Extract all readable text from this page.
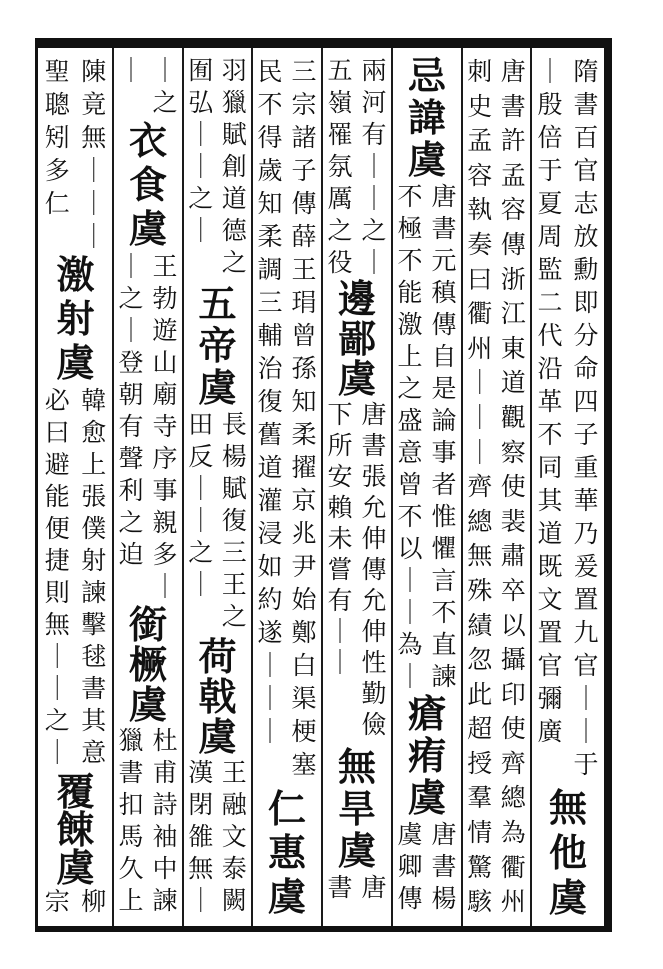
隋
書
百
官
志
放
勳
即
分
命
四
子
重
華
乃
爰
置
九
官
｜
｜
于
｜
殷
倍
于
夏
周
監
二
代
沿
革
不
同
其
道
既
文
置
官
彌
廣
無
他
虞
唐
書
許
孟
容
傳
浙
江
東
道
觀
察
使
裴
肅
卒
以
攝
印
使
齊
總
為
衢
州
刺
史
孟
容
執
奏
曰
衢
州
｜
｜
｜
齊
總
無
殊
績
忽
此
超
授
羣
情
驚
駭
忌
諱
虞
唐
書
元
稹
傳
自
是
論
事
者
惟
懼
言
不
直
諫
不
極
不
能
激
上
之
盛
意
曾
不
以
｜
｜
為
｜
瘡
痏
虞
唐
書
楊
虞
卿
傳
兩
河
有
｜
｜
之
｜
五
嶺
罹
氛
厲
之
役
邊
鄙
虞
唐
書
張
允
伸
傳
允
伸
性
勤
儉
下
所
安
賴
未
嘗
有
｜
｜
無
旱
虞
唐
書
三
宗
諸
子
傳
薛
王
琄
曾
孫
知
柔
擢
京
兆
尹
始
鄭
白
渠
梗
塞
民
不
得
歲
知
柔
調
三
輔
治
復
舊
道
灌
浸
如
約
遂
｜
｜
｜
仁
惠
虞
羽
獵
賦
創
道
德
之
囿
弘
｜
｜
之
｜
五
帝
虞
長
楊
賦
復
三
王
之
田
反
｜
｜
之
｜
荷
戟
虞
王
融
文
泰
闕
漢
閉
雒
無
｜
｜
之
｜
衣
食
虞
王
勃
遊
山
廟
寺
序
事
親
多
｜
｜
之
｜
登
朝
有
聲
利
之
迫
銜
橛
虞
杜
甫
詩
袖
中
諫
獵
書
扣
馬
久
上
陳
竟
無
｜
｜
｜
聖
聰
矧
多
仁
激
射
虞
韓
愈
上
張
僕
射
諫
擊
毬
書
其
意
必
曰
避
能
便
捷
則
無
｜
｜
之
｜
覆
餗
虞
柳
宗
